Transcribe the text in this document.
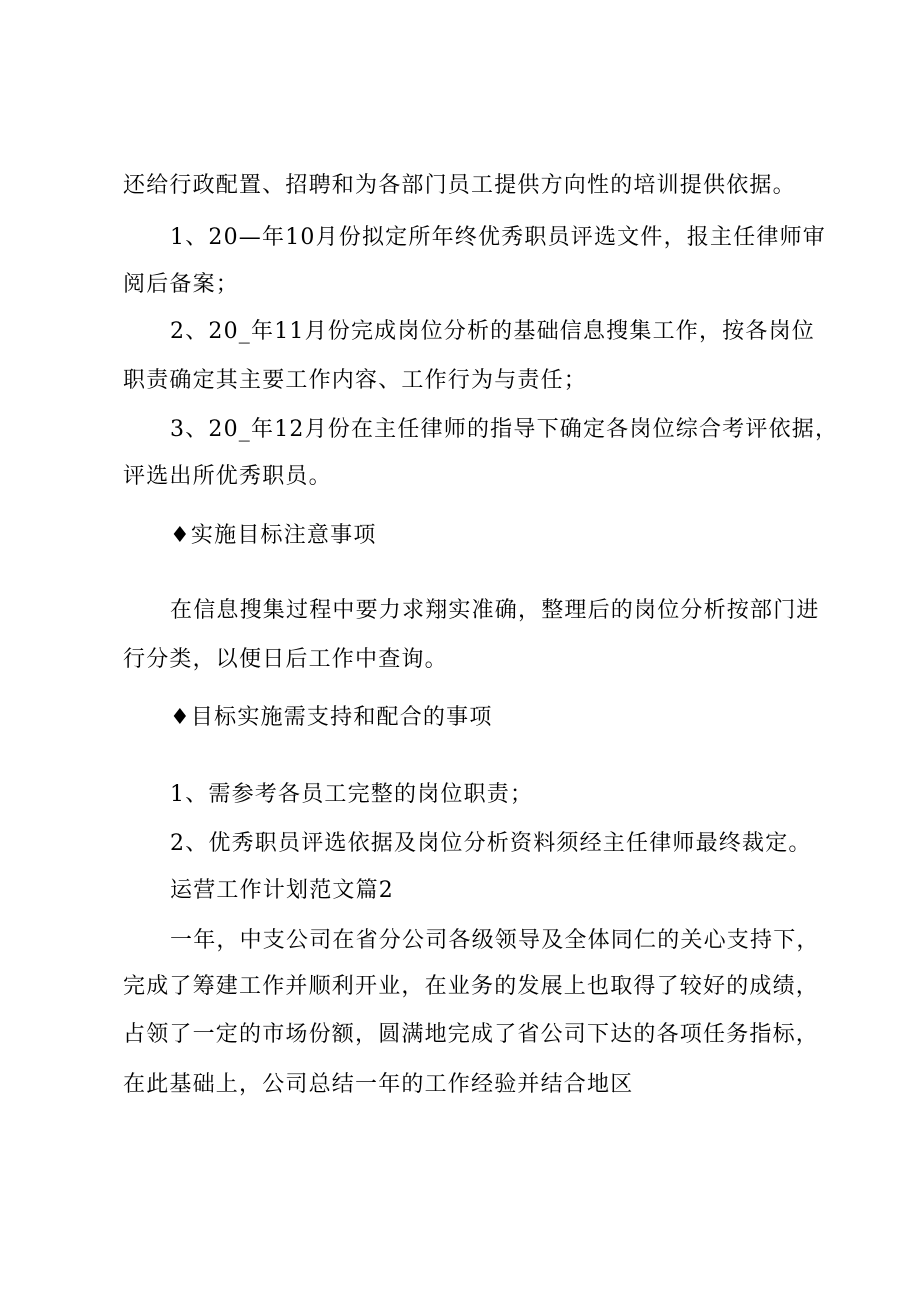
还给行政配置、招聘和为各部门员工提供方向性的培训提供依据。
1、20—年10月份拟定所年终优秀职员评选文件，报主任律师审
阅后备案；
2、20_年11月份完成岗位分析的基础信息搜集工作，按各岗位
职责确定其主要工作内容、工作行为与责任；
3、20_年12月份在主任律师的指导下确定各岗位综合考评依据，
评选出所优秀职员。
♦实施目标注意事项
在信息搜集过程中要力求翔实准确，整理后的岗位分析按部门进
行分类，以便日后工作中查询。
♦目标实施需支持和配合的事项
1、需参考各员工完整的岗位职责；
2、优秀职员评选依据及岗位分析资料须经主任律师最终裁定。
运营工作计划范文篇2
一年，中支公司在省分公司各级领导及全体同仁的关心支持下，
完成了筹建工作并顺利开业，在业务的发展上也取得了较好的成绩，
占领了一定的市场份额，圆满地完成了省公司下达的各项任务指标，
在此基础上，公司总结一年的工作经验并结合地区
